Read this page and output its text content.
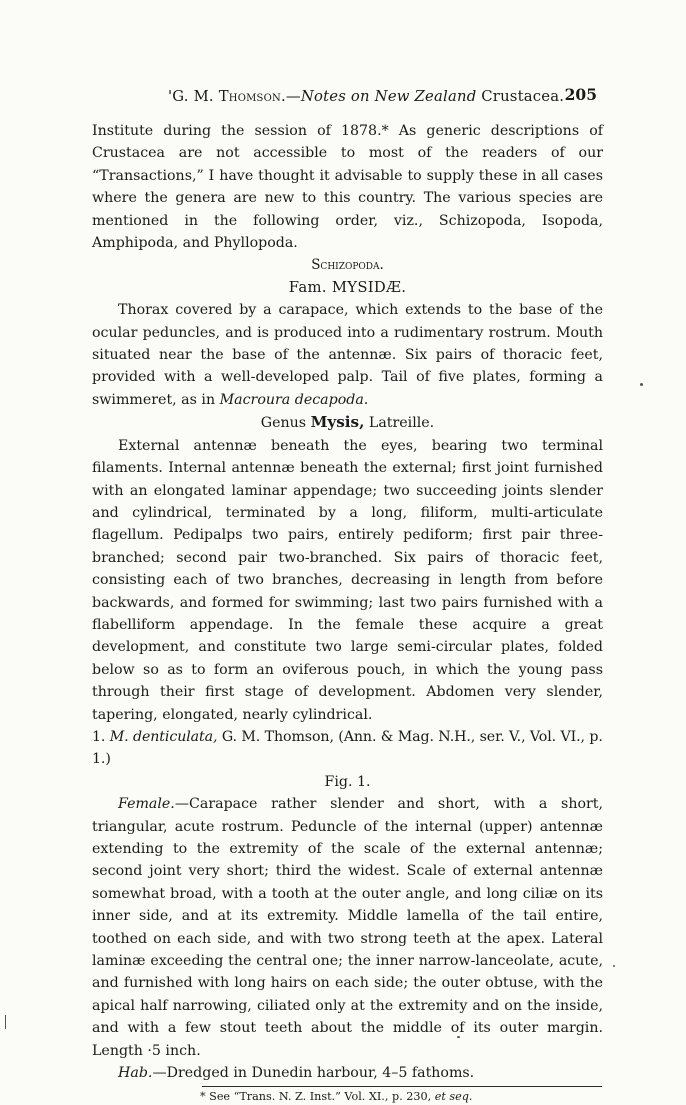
'G. M. Thomson.—Notes on New Zealand Crustacea. 205

Institute during the session of 1878.* As generic descriptions of Crustacea are not accessible to most of the readers of our “Transactions,” I have thought it advisable to supply these in all cases where the genera are new to this country. The various species are mentioned in the following order, viz., Schizopoda, Isopoda, Amphipoda, and Phyllopoda.

Schizopoda.

Fam. MYSIDÆ.

Thorax covered by a carapace, which extends to the base of the ocular peduncles, and is produced into a rudimentary rostrum. Mouth situated near the base of the antennæ. Six pairs of thoracic feet, provided with a well-developed palp. Tail of five plates, forming a swimmeret, as in Macroura decapoda.

Genus Mysis, Latreille.

External antennæ beneath the eyes, bearing two terminal filaments. Internal antennæ beneath the external; first joint furnished with an elongated laminar appendage; two succeeding joints slender and cylindrical, terminated by a long, filiform, multi-articulate flagellum. Pedipalps two pairs, entirely pediform; first pair three-branched; second pair two-branched. Six pairs of thoracic feet, consisting each of two branches, decreasing in length from before backwards, and formed for swimming; last two pairs furnished with a flabelliform appendage. In the female these acquire a great development, and constitute two large semi-circular plates, folded below so as to form an oviferous pouch, in which the young pass through their first stage of development. Abdomen very slender, tapering, elongated, nearly cylindrical.

1. M. denticulata, G. M. Thomson, (Ann. & Mag. N.H., ser. V., Vol. VI., p. 1.)

Fig. 1.

Female.—Carapace rather slender and short, with a short, triangular, acute rostrum. Peduncle of the internal (upper) antennæ extending to the extremity of the scale of the external antennæ; second joint very short; third the widest. Scale of external antennæ somewhat broad, with a tooth at the outer angle, and long ciliæ on its inner side, and at its extremity. Middle lamella of the tail entire, toothed on each side, and with two strong teeth at the apex. Lateral laminæ exceeding the central one; the inner narrow-lanceolate, acute, and furnished with long hairs on each side; the outer obtuse, with the apical half narrowing, ciliated only at the extremity and on the inside, and with a few stout teeth about the middle of its outer margin. Length ·5 inch.

Hab.—Dredged in Dunedin harbour, 4–5 fathoms.

* See “Trans. N. Z. Inst.” Vol. XI., p. 230, et seq.
